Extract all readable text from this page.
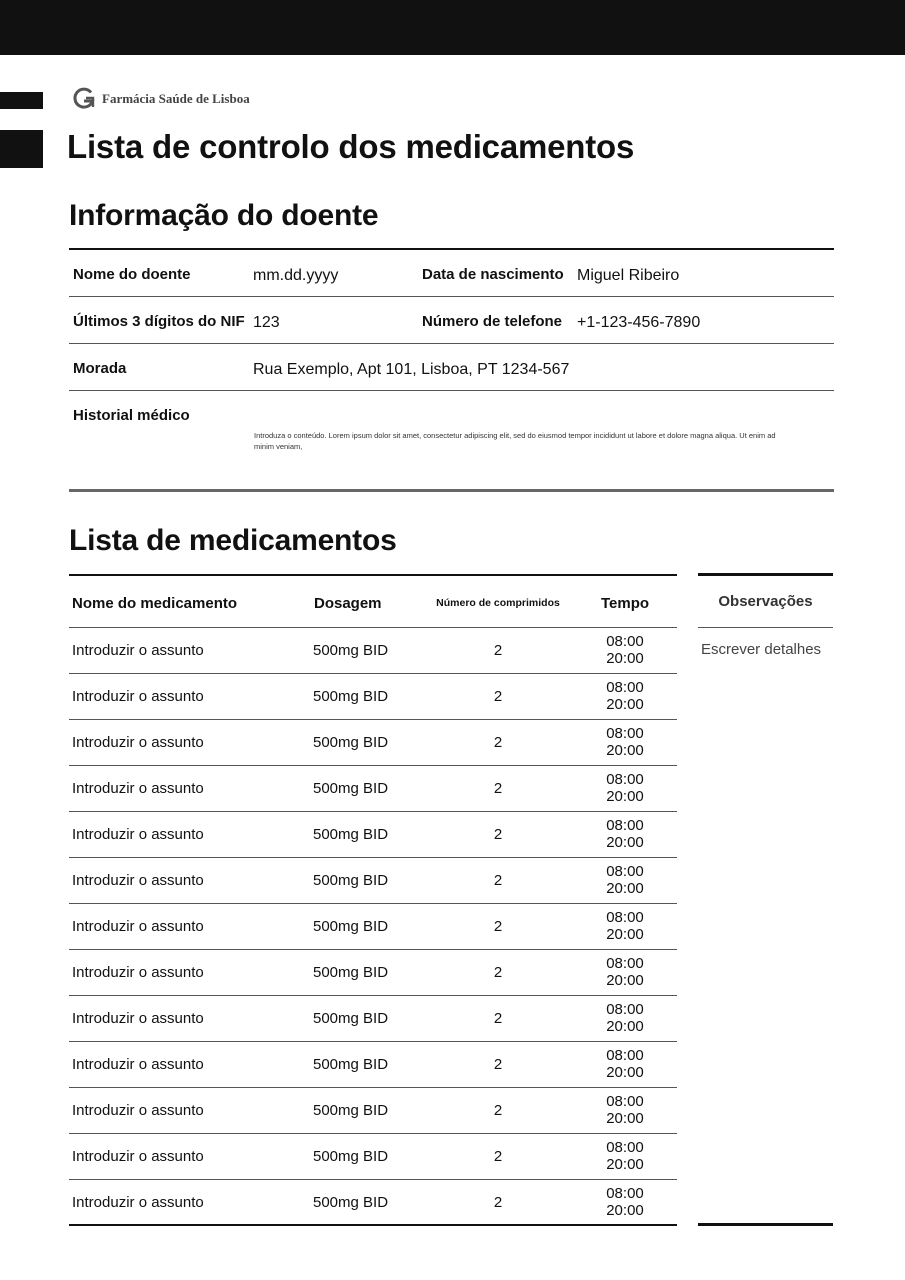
Farmácia Saúde de Lisboa
Lista de controlo dos medicamentos
Informação do doente
Nome do doente	mm.dd.yyyy	Data de nascimento Miguel Ribeiro
Últimos 3 dígitos do NIF 123	Número de telefone +1-123-456-7890
Morada	Rua Exemplo, Apt 101, Lisboa, PT 1234-567
Historial médico
Introduza o conteúdo. Lorem ipsum dolor sit amet, consectetur adipiscing elit, sed do eiusmod tempor incididunt ut labore et dolore magna aliqua. Ut enim ad minim veniam,
Lista de medicamentos
Nome do medicamento	Dosagem	Número de comprimidos	Tempo
Introduzir o assunto	500mg BID	2
08:00
20:00
Introduzir o assunto	500mg BID	2
08:00
20:00
Introduzir o assunto	500mg BID	2
08:00
20:00
Introduzir o assunto	500mg BID	2
08:00
20:00
Introduzir o assunto	500mg BID	2
08:00
20:00
Introduzir o assunto	500mg BID	2
08:00
20:00
Introduzir o assunto	500mg BID	2
08:00
20:00
Introduzir o assunto	500mg BID	2
08:00
20:00
Introduzir o assunto	500mg BID	2
08:00
20:00
Introduzir o assunto	500mg BID	2
08:00
20:00
Introduzir o assunto	500mg BID	2
08:00
20:00
Introduzir o assunto	500mg BID	2
08:00
20:00
Introduzir o assunto	500mg BID	2
08:00
20:00
Observações
Escrever detalhes
